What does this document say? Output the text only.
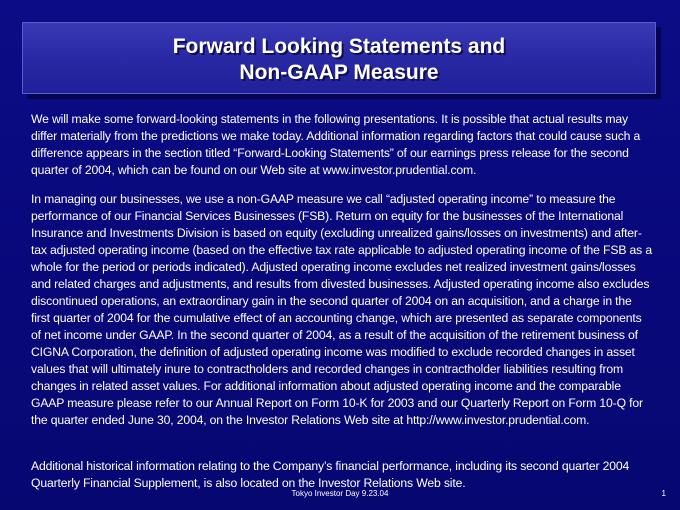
Forward Looking Statements and
Non-GAAP Measure

We will make some forward-looking statements in the following presentations. It is possible that actual results may differ materially from the predictions we make today. Additional information regarding factors that could cause such a difference appears in the section titled “Forward-Looking Statements” of our earnings press release for the second quarter of 2004, which can be found on our Web site at www.investor.prudential.com.

In managing our businesses, we use a non-GAAP measure we call “adjusted operating income” to measure the performance of our Financial Services Businesses (FSB). Return on equity for the businesses of the International Insurance and Investments Division is based on equity (excluding unrealized gains/losses on investments) and after-tax adjusted operating income (based on the effective tax rate applicable to adjusted operating income of the FSB as a whole for the period or periods indicated). Adjusted operating income excludes net realized investment gains/losses and related charges and adjustments, and results from divested businesses. Adjusted operating income also excludes discontinued operations, an extraordinary gain in the second quarter of 2004 on an acquisition, and a charge in the first quarter of 2004 for the cumulative effect of an accounting change, which are presented as separate components of net income under GAAP. In the second quarter of 2004, as a result of the acquisition of the retirement business of CIGNA Corporation, the definition of adjusted operating income was modified to exclude recorded changes in asset values that will ultimately inure to contractholders and recorded changes in contractholder liabilities resulting from changes in related asset values. For additional information about adjusted operating income and the comparable GAAP measure please refer to our Annual Report on Form 10-K for 2003 and our Quarterly Report on Form 10-Q for the quarter ended June 30, 2004, on the Investor Relations Web site at http://www.investor.prudential.com.

Additional historical information relating to the Company’s financial performance, including its second quarter 2004 Quarterly Financial Supplement, is also located on the Investor Relations Web site.

Tokyo Investor Day 9.23.04	1
